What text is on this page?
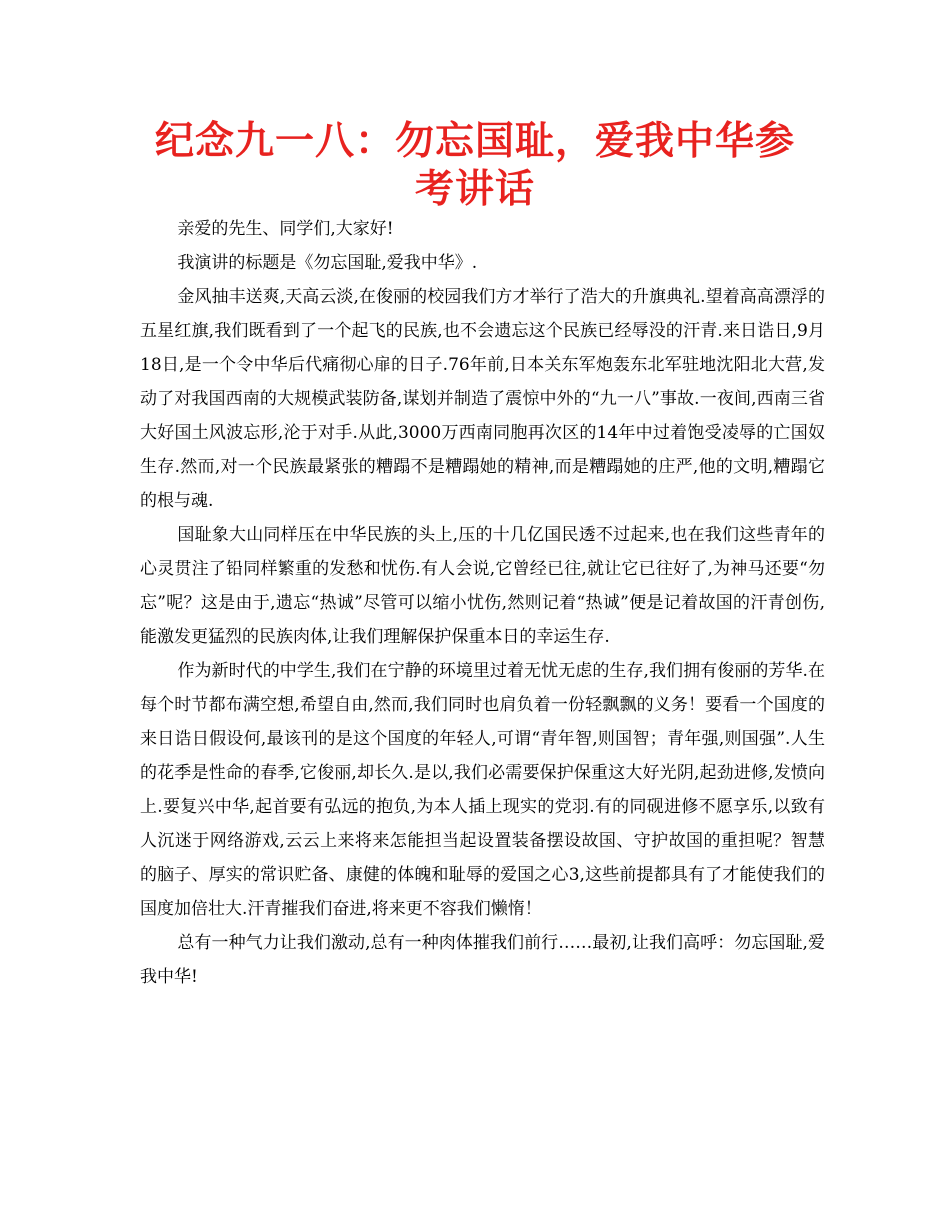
纪念九一八：勿忘国耻，爱我中华参考讲话

亲爱的先生、同学们,大家好!

我演讲的标题是《勿忘国耻,爱我中华》.

金风抽丰送爽,天高云淡,在俊丽的校园我们方才举行了浩大的升旗典礼.望着高高漂浮的五星红旗,我们既看到了一个起飞的民族,也不会遗忘这个民族已经辱没的汗青.来日诰日,9月18日,是一个令中华后代痛彻心扉的日子.76年前,日本关东军炮轰东北军驻地沈阳北大营,发动了对我国西南的大规模武装防备,谋划并制造了震惊中外的“九一八”事故.一夜间,西南三省大好国土风波忘形,沦于对手.从此,3000万西南同胞再次区的14年中过着饱受凌辱的亡国奴生存.然而,对一个民族最紧张的糟蹋不是糟蹋她的精神,而是糟蹋她的庄严,他的文明,糟蹋它的根与魂.

国耻象大山同样压在中华民族的头上,压的十几亿国民透不过起来,也在我们这些青年的心灵贯注了铅同样繁重的发愁和忧伤.有人会说,它曾经已往,就让它已往好了,为神马还要“勿忘”呢？这是由于,遗忘“热诚”尽管可以缩小忧伤,然则记着“热诚”便是记着故国的汗青创伤,能激发更猛烈的民族肉体,让我们理解保护保重本日的幸运生存.

作为新时代的中学生,我们在宁静的环境里过着无忧无虑的生存,我们拥有俊丽的芳华.在每个时节都布满空想,希望自由,然而,我们同时也肩负着一份轻飘飘的义务！要看一个国度的来日诰日假设何,最该刊的是这个国度的年轻人,可谓“青年智,则国智；青年强,则国强”.人生的花季是性命的春季,它俊丽,却长久.是以,我们必需要保护保重这大好光阴,起劲进修,发愤向上.要复兴中华,起首要有弘远的抱负,为本人插上现实的党羽.有的同砚进修不愿享乐,以致有人沉迷于网络游戏,云云上来将来怎能担当起设置装备摆设故国、守护故国的重担呢？智慧的脑子、厚实的常识贮备、康健的体魄和耻辱的爱国之心3,这些前提都具有了才能使我们的国度加倍壮大.汗青摧我们奋进,将来更不容我们懒惰！

总有一种气力让我们激动,总有一种肉体摧我们前行……最初,让我们高呼：勿忘国耻,爱我中华!
